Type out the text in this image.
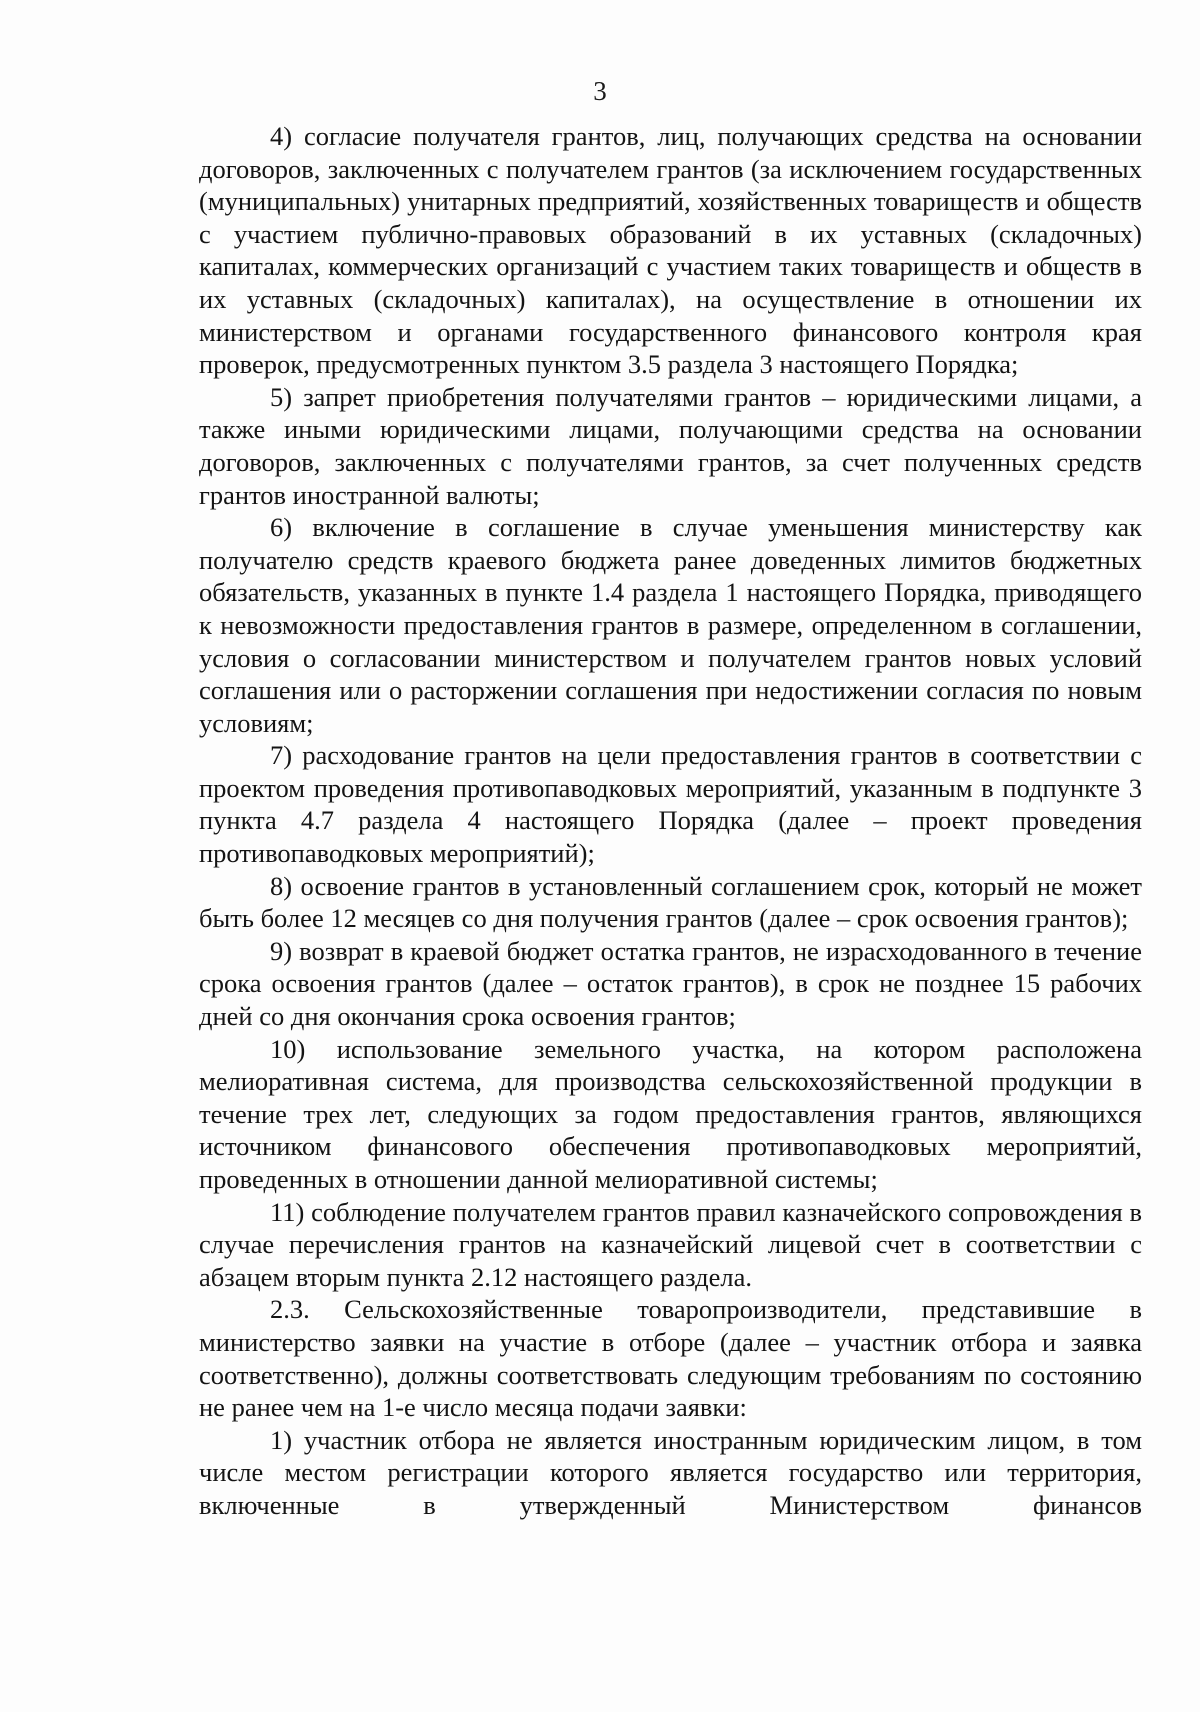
3

4) согласие получателя грантов, лиц, получающих средства на основании договоров, заключенных с получателем грантов (за исключением государственных (муниципальных) унитарных предприятий, хозяйственных товариществ и обществ с участием публично-правовых образований в их уставных (складочных) капиталах, коммерческих организаций с участием таких товариществ и обществ в их уставных (складочных) капиталах), на осуществление в отношении их министерством и органами государственного финансового контроля края проверок, предусмотренных пунктом 3.5 раздела 3 настоящего Порядка;

5) запрет приобретения получателями грантов – юридическими лицами, а также иными юридическими лицами, получающими средства на основании договоров, заключенных с получателями грантов, за счет полученных средств грантов иностранной валюты;

6) включение в соглашение в случае уменьшения министерству как получателю средств краевого бюджета ранее доведенных лимитов бюджетных обязательств, указанных в пункте 1.4 раздела 1 настоящего Порядка, приводящего к невозможности предоставления грантов в размере, определенном в соглашении, условия о согласовании министерством и получателем грантов новых условий соглашения или о расторжении соглашения при недостижении согласия по новым условиям;

7) расходование грантов на цели предоставления грантов в соответствии с проектом проведения противопаводковых мероприятий, указанным в подпункте 3 пункта 4.7 раздела 4 настоящего Порядка (далее – проект проведения противопаводковых мероприятий);

8) освоение грантов в установленный соглашением срок, который не может быть более 12 месяцев со дня получения грантов (далее – срок освоения грантов);

9) возврат в краевой бюджет остатка грантов, не израсходованного в течение срока освоения грантов (далее – остаток грантов), в срок не позднее 15 рабочих дней со дня окончания срока освоения грантов;

10) использование земельного участка, на котором расположена мелиоративная система, для производства сельскохозяйственной продукции в течение трех лет, следующих за годом предоставления грантов, являющихся источником финансового обеспечения противопаводковых мероприятий, проведенных в отношении данной мелиоративной системы;

11) соблюдение получателем грантов правил казначейского сопровождения в случае перечисления грантов на казначейский лицевой счет в соответствии с абзацем вторым пункта 2.12 настоящего раздела.

2.3. Сельскохозяйственные товаропроизводители, представившие в министерство заявки на участие в отборе (далее – участник отбора и заявка соответственно), должны соответствовать следующим требованиям по состоянию не ранее чем на 1-е число месяца подачи заявки:

1) участник отбора не является иностранным юридическим лицом, в том числе местом регистрации которого является государство или территория, включенные в утвержденный Министерством финансов
